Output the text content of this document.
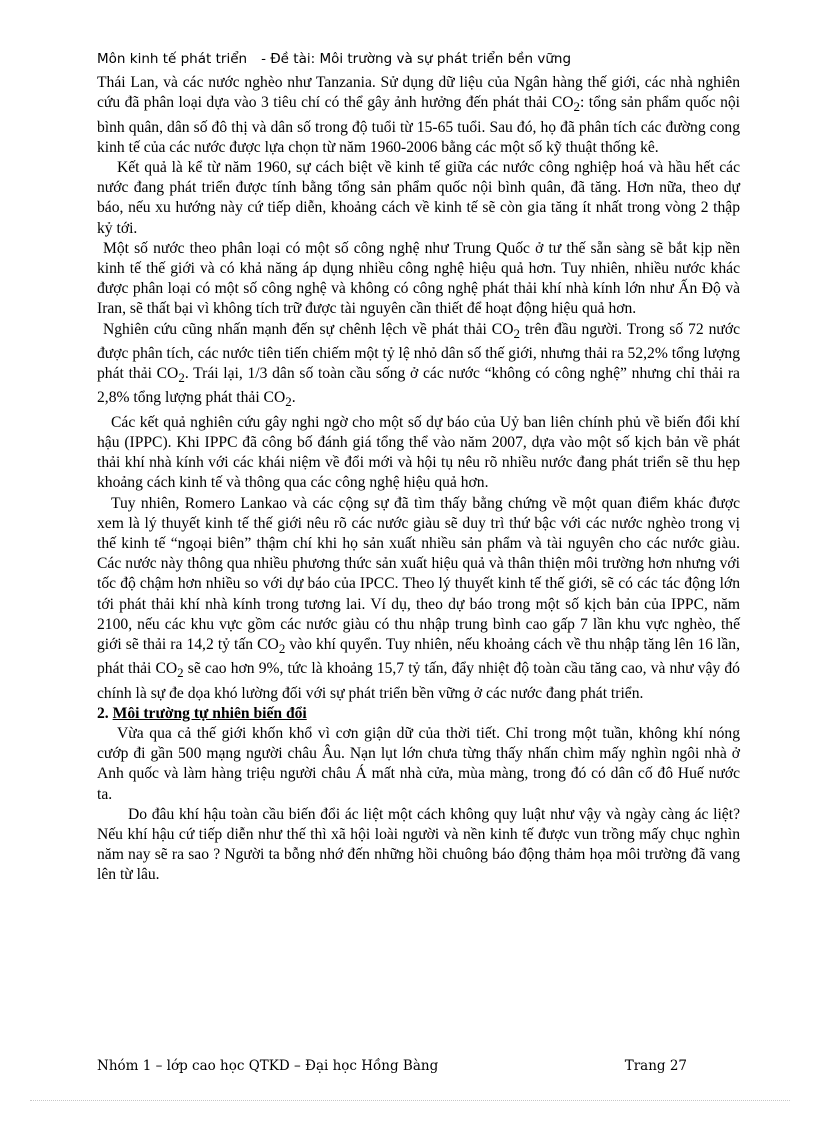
Môn kinh tế phát triển - Đề tài: Môi trường và sự phát triển bền vững

Thái Lan, và các nước nghèo như Tanzania. Sử dụng dữ liệu của Ngân hàng thế giới, các nhà nghiên cứu đã phân loại dựa vào 3 tiêu chí có thể gây ảnh hưởng đến phát thải $CO_2$: tổng sản phẩm quốc nội bình quân, dân số đô thị và dân số trong độ tuổi từ 15-65 tuổi. Sau đó, họ đã phân tích các đường cong kinh tế của các nước được lựa chọn từ năm 1960-2006 bằng các một số kỹ thuật thống kê.

Kết quả là kể từ năm 1960, sự cách biệt về kinh tế giữa các nước công nghiệp hoá và hầu hết các nước đang phát triển được tính bằng tổng sản phẩm quốc nội bình quân, đã tăng. Hơn nữa, theo dự báo, nếu xu hướng này cứ tiếp diễn, khoảng cách về kinh tế sẽ còn gia tăng ít nhất trong vòng 2 thập kỷ tới.

Một số nước theo phân loại có một số công nghệ như Trung Quốc ở tư thế sẵn sàng sẽ bắt kịp nền kinh tế thế giới và có khả năng áp dụng nhiều công nghệ hiệu quả hơn. Tuy nhiên, nhiều nước khác được phân loại có một số công nghệ và không có công nghệ phát thải khí nhà kính lớn như Ấn Độ và Iran, sẽ thất bại vì không tích trữ được tài nguyên cần thiết để hoạt động hiệu quả hơn.

Nghiên cứu cũng nhấn mạnh đến sự chênh lệch về phát thải $CO_2$ trên đầu người. Trong số 72 nước được phân tích, các nước tiên tiến chiếm một tỷ lệ nhỏ dân số thế giới, nhưng thải ra 52,2% tổng lượng phát thải $CO_2$. Trái lại, 1/3 dân số toàn cầu sống ở các nước “không có công nghệ” nhưng chỉ thải ra 2,8% tổng lượng phát thải $CO_2$.

Các kết quả nghiên cứu gây nghi ngờ cho một số dự báo của Uỷ ban liên chính phủ về biến đổi khí hậu (IPPC). Khi IPPC đã công bố đánh giá tổng thể vào năm 2007, dựa vào một số kịch bản về phát thải khí nhà kính với các khái niệm về đổi mới và hội tụ nêu rõ nhiều nước đang phát triển sẽ thu hẹp khoảng cách kinh tế và thông qua các công nghệ hiệu quả hơn.

Tuy nhiên, Romero Lankao và các cộng sự đã tìm thấy bằng chứng về một quan điểm khác được xem là lý thuyết kinh tế thế giới nêu rõ các nước giàu sẽ duy trì thứ bậc với các nước nghèo trong vị thế kinh tế “ngoại biên” thậm chí khi họ sản xuất nhiều sản phẩm và tài nguyên cho các nước giàu. Các nước này thông qua nhiều phương thức sản xuất hiệu quả và thân thiện môi trường hơn nhưng với tốc độ chậm hơn nhiều so với dự báo của IPCC. Theo lý thuyết kinh tế thế giới, sẽ có các tác động lớn tới phát thải khí nhà kính trong tương lai. Ví dụ, theo dự báo trong một số kịch bản của IPPC, năm 2100, nếu các khu vực gồm các nước giàu có thu nhập trung bình cao gấp 7 lần khu vực nghèo, thế giới sẽ thải ra 14,2 tỷ tấn $CO_2$ vào khí quyển. Tuy nhiên, nếu khoảng cách về thu nhập tăng lên 16 lần, phát thải $CO_2$ sẽ cao hơn 9%, tức là khoảng 15,7 tỷ tấn, đẩy nhiệt độ toàn cầu tăng cao, và như vậy đó chính là sự đe dọa khó lường đối với sự phát triển bền vững ở các nước đang phát triển.

2. Môi trường tự nhiên biến đổi

Vừa qua cả thế giới khốn khổ vì cơn giận dữ của thời tiết. Chỉ trong một tuần, không khí nóng cướp đi gần 500 mạng người châu Âu. Nạn lụt lớn chưa từng thấy nhấn chìm mấy nghìn ngôi nhà ở Anh quốc và làm hàng triệu người châu Á mất nhà cửa, mùa màng, trong đó có dân cố đô Huế nước ta.

Do đâu khí hậu toàn cầu biến đổi ác liệt một cách không quy luật như vậy và ngày càng ác liệt? Nếu khí hậu cứ tiếp diễn như thế thì xã hội loài người và nền kinh tế được vun trồng mấy chục nghìn năm nay sẽ ra sao ? Người ta bỗng nhớ đến những hồi chuông báo động thảm họa môi trường đã vang lên từ lâu.

Nhóm 1 – lớp cao học QTKD – Đại học Hồng Bàng	Trang 27
